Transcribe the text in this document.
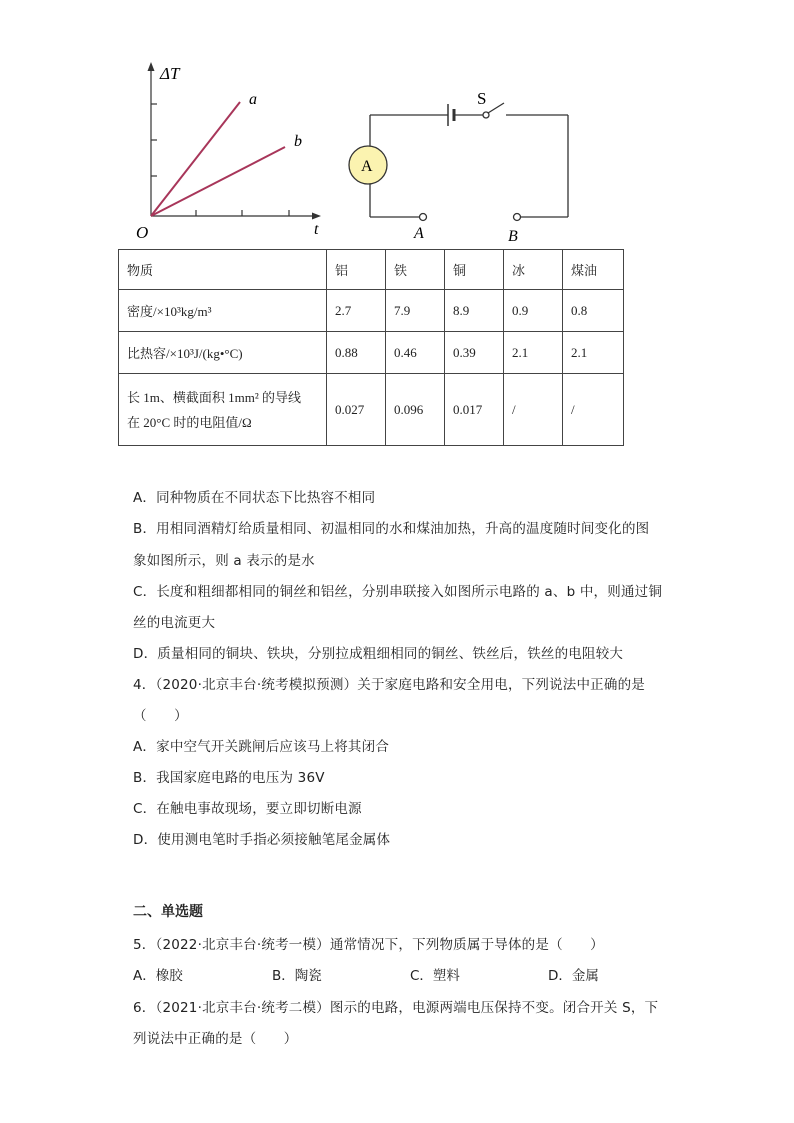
ΔT
t
O
a
b
S
A
A	B
物质	铝	铁	铜	冰	煤油
密度/×10³kg/m³	2.7	7.9	8.9	0.9	0.8
比热容/×10³J/(kg•°C)	0.88	0.46	0.39	2.1	2.1

长 1m、横截面积 1mm² 的导线
在 20°C 时的电阻值/Ω	0.027	0.096	0.017	/	/
A．同种物质在不同状态下比热容不相同
B．用相同酒精灯给质量相同、初温相同的水和煤油加热，升高的温度随时间变化的图
象如图所示，则 a 表示的是水
C．长度和粗细都相同的铜丝和铝丝，分别串联接入如图所示电路的 a、b 中，则通过铜
丝的电流更大
D．质量相同的铜块、铁块，分别拉成粗细相同的铜丝、铁丝后，铁丝的电阻较大
4．（2020·北京丰台·统考模拟预测）关于家庭电路和安全用电，下列说法中正确的是
（　　）
A．家中空气开关跳闸后应该马上将其闭合
B．我国家庭电路的电压为 36V
C．在触电事故现场，要立即切断电源
D．使用测电笔时手指必须接触笔尾金属体
二、单选题
5．（2022·北京丰台·统考一模）通常情况下，下列物质属于导体的是（　　）
A．橡胶	B．陶瓷	C．塑料	D．金属
6．（2021·北京丰台·统考二模）图示的电路，电源两端电压保持不变。闭合开关 S，下
列说法中正确的是（　　）
